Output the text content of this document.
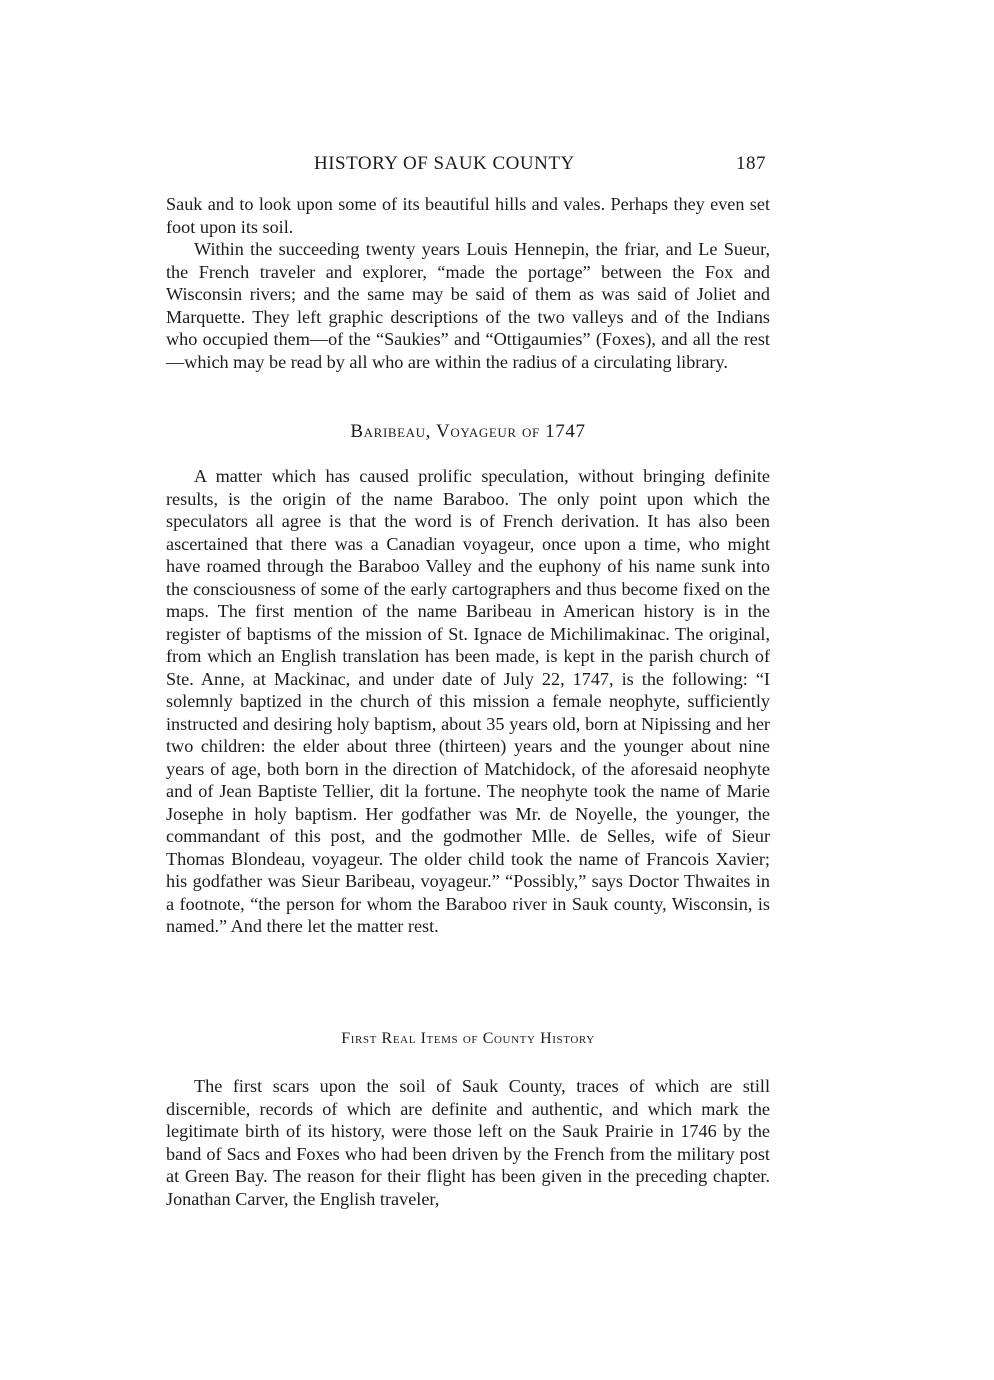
HISTORY OF SAUK COUNTY	187

Sauk and to look upon some of its beautiful hills and vales. Perhaps they even set foot upon its soil.

Within the succeeding twenty years Louis Hennepin, the friar, and Le Sueur, the French traveler and explorer, “made the portage” between the Fox and Wisconsin rivers; and the same may be said of them as was said of Joliet and Marquette. They left graphic descriptions of the two valleys and of the Indians who occupied them—of the “Saukies” and “Ottigaumies” (Foxes), and all the rest—which may be read by all who are within the radius of a circulating library.

Baribeau, Voyageur of 1747

A matter which has caused prolific speculation, without bringing definite results, is the origin of the name Baraboo. The only point upon which the speculators all agree is that the word is of French derivation. It has also been ascertained that there was a Canadian voyageur, once upon a time, who might have roamed through the Baraboo Valley and the euphony of his name sunk into the consciousness of some of the early cartographers and thus become fixed on the maps. The first mention of the name Baribeau in American history is in the register of baptisms of the mission of St. Ignace de Michilimakinac. The original, from which an English translation has been made, is kept in the parish church of Ste. Anne, at Mackinac, and under date of July 22, 1747, is the following: “I solemnly baptized in the church of this mission a female neophyte, sufficiently instructed and desiring holy baptism, about 35 years old, born at Nipissing and her two children: the elder about three (thirteen) years and the younger about nine years of age, both born in the direction of Matchidock, of the aforesaid neophyte and of Jean Baptiste Tellier, dit la fortune. The neophyte took the name of Marie Josephe in holy baptism. Her godfather was Mr. de Noyelle, the younger, the commandant of this post, and the godmother Mlle. de Selles, wife of Sieur Thomas Blondeau, voyageur. The older child took the name of Francois Xavier; his godfather was Sieur Baribeau, voyageur.” “Possibly,” says Doctor Thwaites in a footnote, “the person for whom the Baraboo river in Sauk county, Wisconsin, is named.” And there let the matter rest.

First Real Items of County History

The first scars upon the soil of Sauk County, traces of which are still discernible, records of which are definite and authentic, and which mark the legitimate birth of its history, were those left on the Sauk Prairie in 1746 by the band of Sacs and Foxes who had been driven by the French from the military post at Green Bay. The reason for their flight has been given in the preceding chapter. Jonathan Carver, the English traveler,
